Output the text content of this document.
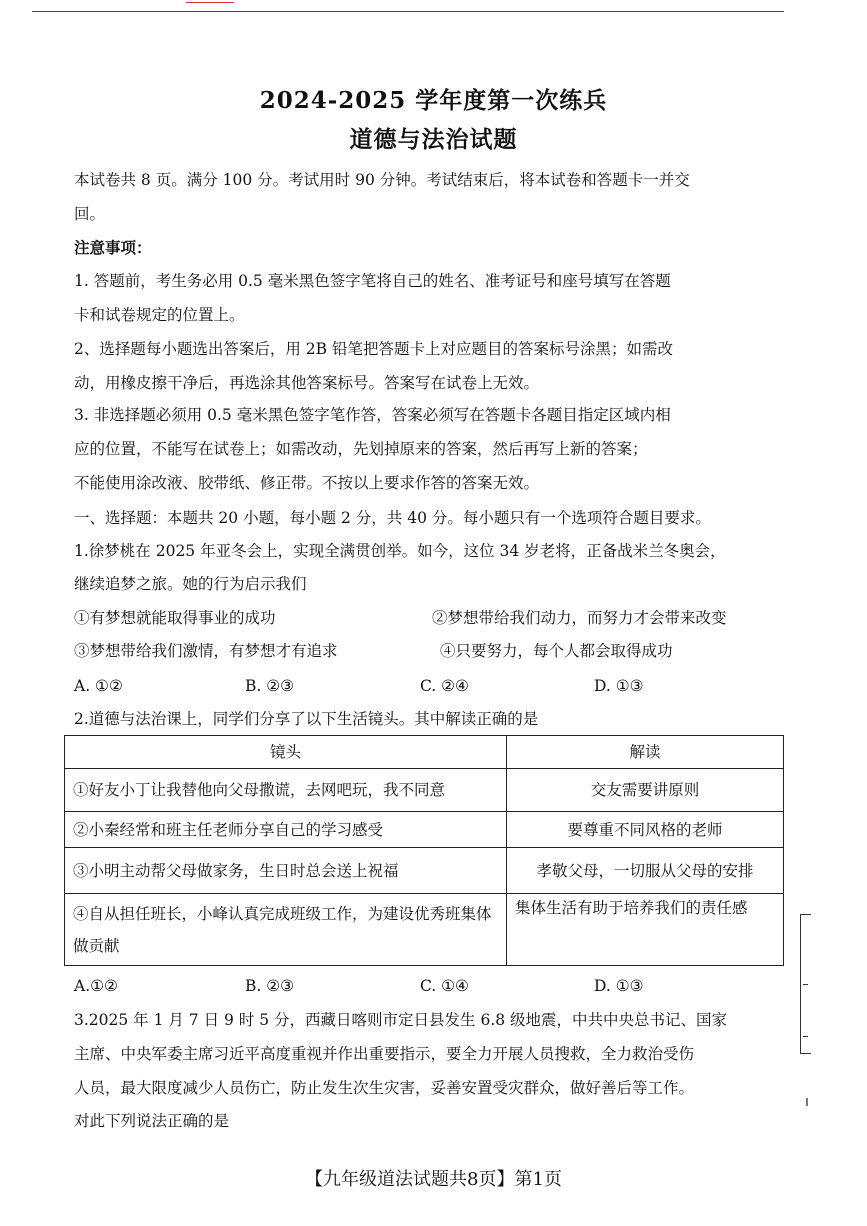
2024-2025 学年度第一次练兵
道德与法治试题
本试卷共 8 页。满分 100 分。考试用时 90 分钟。考试结束后，将本试卷和答题卡一并交
回。
注意事项：
1. 答题前，考生务必用 0.5 毫米黑色签字笔将自己的姓名、准考证号和座号填写在答题
卡和试卷规定的位置上。
2、选择题每小题选出答案后，用 2B 铅笔把答题卡上对应题目的答案标号涂黑；如需改
动，用橡皮擦干净后，再选涂其他答案标号。答案写在试卷上无效。
3. 非选择题必须用 0.5 毫米黑色签字笔作答，答案必须写在答题卡各题目指定区域内相
应的位置，不能写在试卷上；如需改动，先划掉原来的答案，然后再写上新的答案；
不能使用涂改液、胶带纸、修正带。不按以上要求作答的答案无效。
一、选择题：本题共 20 小题，每小题 2 分，共 40 分。每小题只有一个选项符合题目要求。
1.徐梦桃在 2025 年亚冬会上，实现全满贯创举。如今，这位 34 岁老将，正备战米兰冬奥会，
继续追梦之旅。她的行为启示我们
①有梦想就能取得事业的成功	②梦想带给我们动力，而努力才会带来改变
③梦想带给我们激情，有梦想才有追求	④只要努力，每个人都会取得成功
A. ①②	B. ②③	C. ②④	D. ①③
2.道德与法治课上，同学们分享了以下生活镜头。其中解读正确的是
镜头	解读
①好友小丁让我替他向父母撒谎，去网吧玩，我不同意	交友需要讲原则
②小秦经常和班主任老师分享自己的学习感受	要尊重不同风格的老师
③小明主动帮父母做家务，生日时总会送上祝福	孝敬父母，一切服从父母的安排
④自从担任班长，小峰认真完成班级工作，为建设优秀班集体做贡献	集体生活有助于培养我们的责任感
A.①②	B. ②③	C. ①④	D. ①③
3.2025 年 1 月 7 日 9 时 5 分，西藏日喀则市定日县发生 6.8 级地震，中共中央总书记、国家
主席、中央军委主席习近平高度重视并作出重要指示，要全力开展人员搜救，全力救治受伤
人员，最大限度减少人员伤亡，防止发生次生灾害，妥善安置受灾群众，做好善后等工作。
对此下列说法正确的是
【九年级道法试题共8页】第1页
